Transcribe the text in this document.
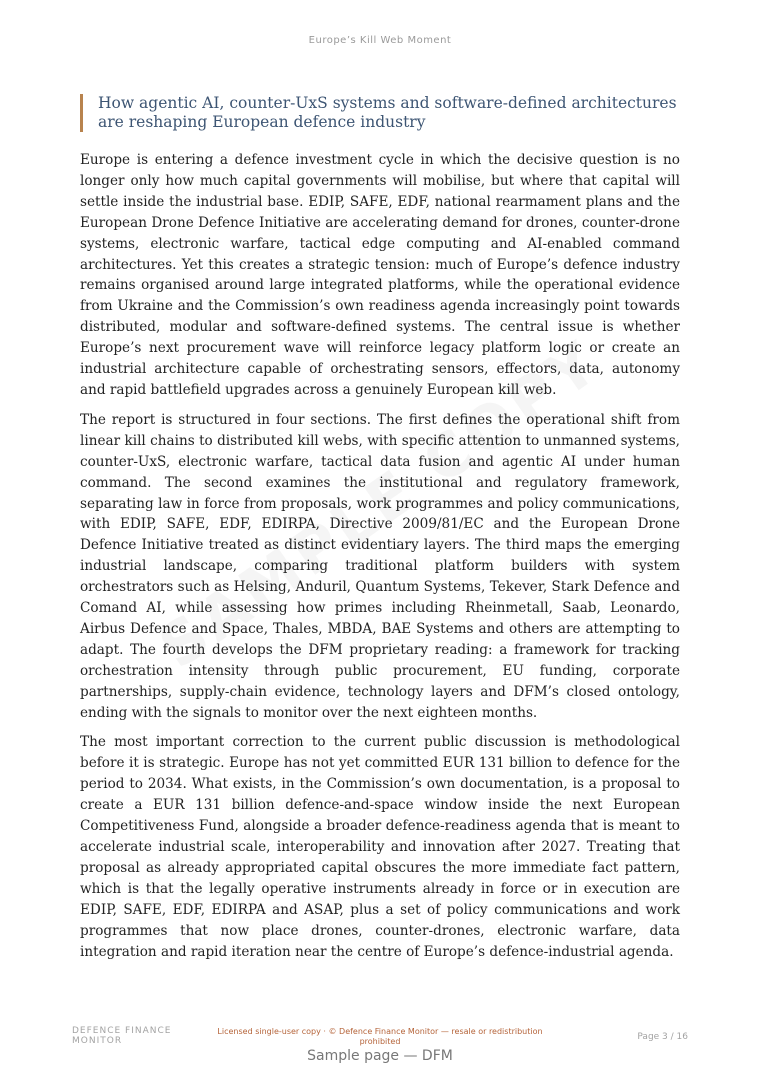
Europe’s Kill Web Moment
How agentic AI, counter-UxS systems and software-defined architectures are reshaping European defence industry

Europe is entering a defence investment cycle in which the decisive question is no longer only how much capital governments will mobilise, but where that capital will settle inside the industrial base. EDIP, SAFE, EDF, national rearmament plans and the European Drone Defence Initiative are accelerating demand for drones, counter-drone systems, electronic warfare, tactical edge computing and AI-enabled command architectures. Yet this creates a strategic tension: much of Europe’s defence industry remains organised around large integrated platforms, while the operational evidence from Ukraine and the Commission’s own readiness agenda increasingly point towards distributed, modular and software-defined systems. The central issue is whether Europe’s next procurement wave will reinforce legacy platform logic or create an industrial architecture capable of orchestrating sensors, effectors, data, autonomy and rapid battlefield upgrades across a genuinely European kill web.

The report is structured in four sections. The first defines the operational shift from linear kill chains to distributed kill webs, with specific attention to unmanned systems, counter-UxS, electronic warfare, tactical data fusion and agentic AI under human command. The second examines the institutional and regulatory framework, separating law in force from proposals, work programmes and policy communications, with EDIP, SAFE, EDF, EDIRPA, Directive 2009/81/EC and the European Drone Defence Initiative treated as distinct evidentiary layers. The third maps the emerging industrial landscape, comparing traditional platform builders with system orchestrators such as Helsing, Anduril, Quantum Systems, Tekever, Stark Defence and Comand AI, while assessing how primes including Rheinmetall, Saab, Leonardo, Airbus Defence and Space, Thales, MBDA, BAE Systems and others are attempting to adapt. The fourth develops the DFM proprietary reading: a framework for tracking orchestration intensity through public procurement, EU funding, corporate partnerships, supply-chain evidence, technology layers and DFM’s closed ontology, ending with the signals to monitor over the next eighteen months.

The most important correction to the current public discussion is methodological before it is strategic. Europe has not yet committed EUR 131 billion to defence for the period to 2034. What exists, in the Commission’s own documentation, is a proposal to create a EUR 131 billion defence-and-space window inside the next European Competitiveness Fund, alongside a broader defence-readiness agenda that is meant to accelerate industrial scale, interoperability and innovation after 2027. Treating that proposal as already appropriated capital obscures the more immediate fact pattern, which is that the legally operative instruments already in force or in execution are EDIP, SAFE, EDF, EDIRPA and ASAP, plus a set of policy communications and work programmes that now place drones, counter-drones, electronic warfare, data integration and rapid iteration near the centre of Europe’s defence-industrial agenda.

DEFENCE FINANCE
MONITOR
Licensed single-user copy · © Defence Finance Monitor — resale or redistribution
prohibited	Page 3 / 16
Sample page — DFM
